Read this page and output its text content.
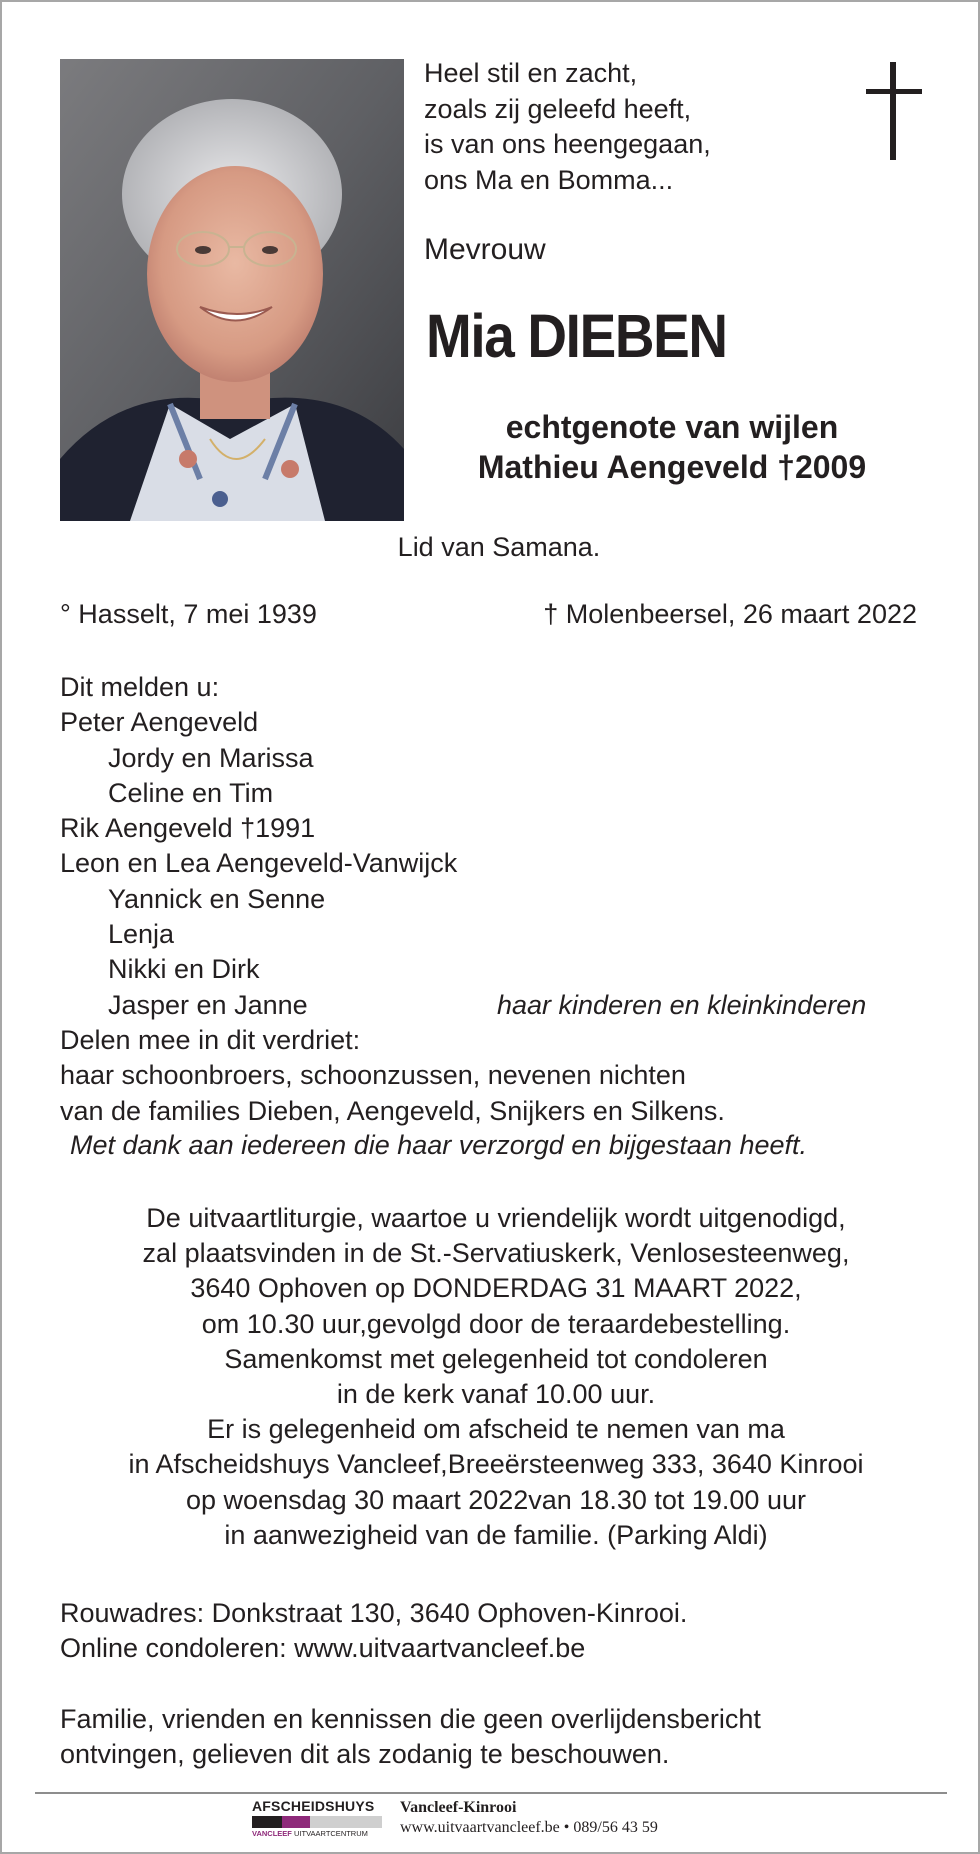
Heel stil en zacht,
zoals zij geleefd heeft,
is van ons heengegaan,
ons Ma en Bomma...
Mevrouw
Mia DIEBEN
echtgenote van wijlen
Mathieu Aengeveld †2009
Lid van Samana.
° Hasselt, 7 mei 1939	† Molenbeersel, 26 maart 2022
Dit melden u:
Peter Aengeveld
Jordy en Marissa
Celine en Tim
Rik Aengeveld †1991
Leon en Lea Aengeveld-Vanwijck
Yannick en Senne
Lenja
Nikki en Dirk
Jasper en Janne	haar kinderen en kleinkinderen
Delen mee in dit verdriet:
haar schoonbroers, schoonzussen, nevenen nichten
van de families Dieben, Aengeveld, Snijkers en Silkens.
Met dank aan iedereen die haar verzorgd en bijgestaan heeft.
De uitvaartliturgie, waartoe u vriendelijk wordt uitgenodigd,
zal plaatsvinden in de St.-Servatiuskerk, Venlosesteenweg,
3640 Ophoven op DONDERDAG 31 MAART 2022,
om 10.30 uur,gevolgd door de teraardebestelling.
Samenkomst met gelegenheid tot condoleren
in de kerk vanaf 10.00 uur.
Er is gelegenheid om afscheid te nemen van ma
in Afscheidshuys Vancleef,Breeërsteenweg 333, 3640 Kinrooi
op woensdag 30 maart 2022van 18.30 tot 19.00 uur
in aanwezigheid van de familie. (Parking Aldi)
Rouwadres: Donkstraat 130, 3640 Ophoven-Kinrooi.
Online condoleren: www.uitvaartvancleef.be
Familie, vrienden en kennissen die geen overlijdensbericht
ontvingen, gelieven dit als zodanig te beschouwen.
AFSCHEIDSHUYS
VANCLEEF UITVAARTCENTRUM
Vancleef-Kinrooi
www.uitvaartvancleef.be • 089/56 43 59
